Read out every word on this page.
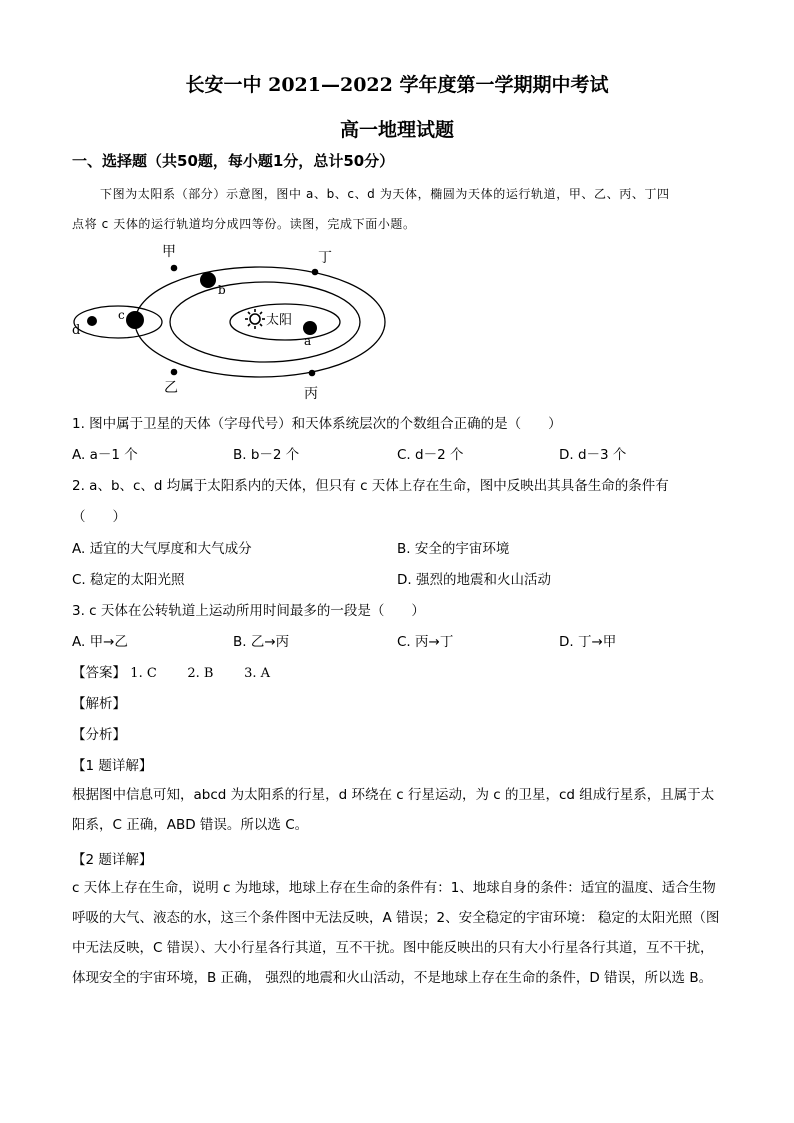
长安一中 2021—2022 学年度第一学期期中考试
高一地理试题
一、选择题（共50题，每小题1分，总计50分）
下图为太阳系（部分）示意图，图中 a、b、c、d 为天体，椭圆为天体的运行轨道，甲、乙、丙、丁四
点将 c 天体的运行轨道均分成四等份。读图，完成下面小题。
太阳
a
b
c
d
甲	丁
乙	丙
1. 图中属于卫星的天体（字母代号）和天体系统层次的个数组合正确的是（　　）
A. a－1 个	B. b－2 个	C. d－2 个	D. d－3 个
2. a、b、c、d 均属于太阳系内的天体，但只有 c 天体上存在生命，图中反映出其具备生命的条件有
（　　）
A. 适宜的大气厚度和大气成分	B. 安全的宇宙环境
C. 稳定的太阳光照	D. 强烈的地震和火山活动
3. c 天体在公转轨道上运动所用时间最多的一段是（　　）
A. 甲→乙	B. 乙→丙	C. 丙→丁	D. 丁→甲
【答案】 1. C 2. B 3. A
【解析】
【分析】
【1 题详解】
根据图中信息可知，abcd 为太阳系的行星，d 环绕在 c 行星运动，为 c 的卫星，cd 组成行星系，且属于太阳系，C 正确，ABD 错误。所以选 C。
【2 题详解】
c 天体上存在生命，说明 c 为地球，地球上存在生命的条件有：1、地球自身的条件：适宜的温度、适合生物呼吸的大气、液态的水，这三个条件图中无法反映，A 错误；2、安全稳定的宇宙环境： 稳定的太阳光照（图中无法反映，C 错误）、大小行星各行其道，互不干扰。图中能反映出的只有大小行星各行其道，互不干扰，体现安全的宇宙环境，B 正确， 强烈的地震和火山活动，不是地球上存在生命的条件，D 错误，所以选 B。
